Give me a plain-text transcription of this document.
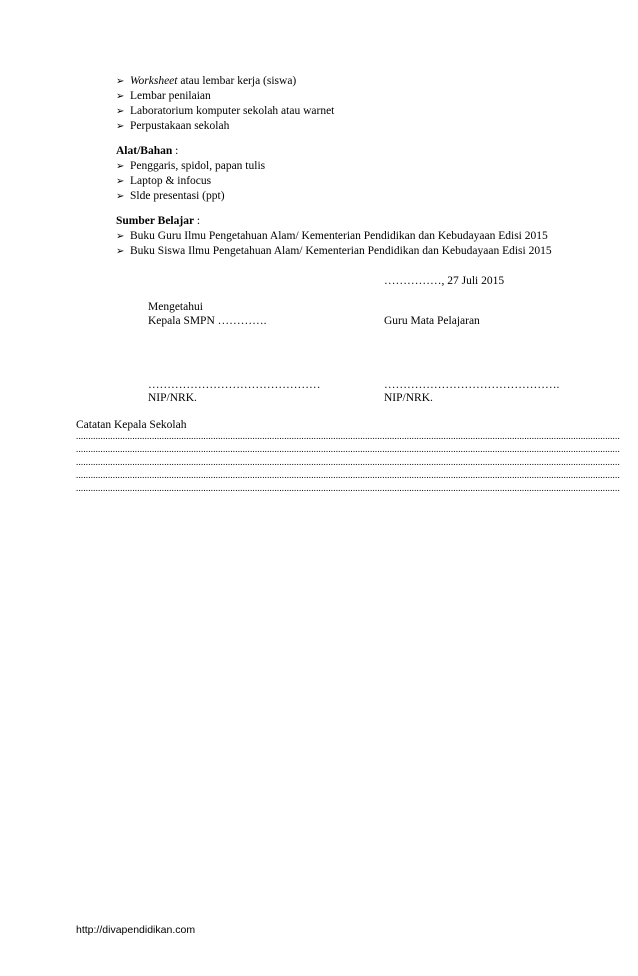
➢ Worksheet atau lembar kerja (siswa)
➢ Lembar penilaian
➢ Laboratorium komputer sekolah atau warnet
➢ Perpustakaan sekolah
Alat/Bahan :
➢ Penggaris, spidol, papan tulis
➢ Laptop & infocus
➢ Slde presentasi (ppt)
Sumber Belajar :
➢ Buku Guru Ilmu Pengetahuan Alam/ Kementerian Pendidikan dan Kebudayaan Edisi 2015
➢ Buku Siswa Ilmu Pengetahuan Alam/ Kementerian Pendidikan dan Kebudayaan Edisi 2015
……………, 27 Juli 2015
Mengetahui
Kepala SMPN ………….	Guru Mata Pelajaran
………………………………………	……………………………………….
NIP/NRK.	NIP/NRK.
Catatan Kepala Sekolah
..............................................................................................................................................................................................................................
..............................................................................................................................................................................................................................
..............................................................................................................................................................................................................................
..............................................................................................................................................................................................................................
..............................................................................................................................................................................................................................
http://divapendidikan.com
